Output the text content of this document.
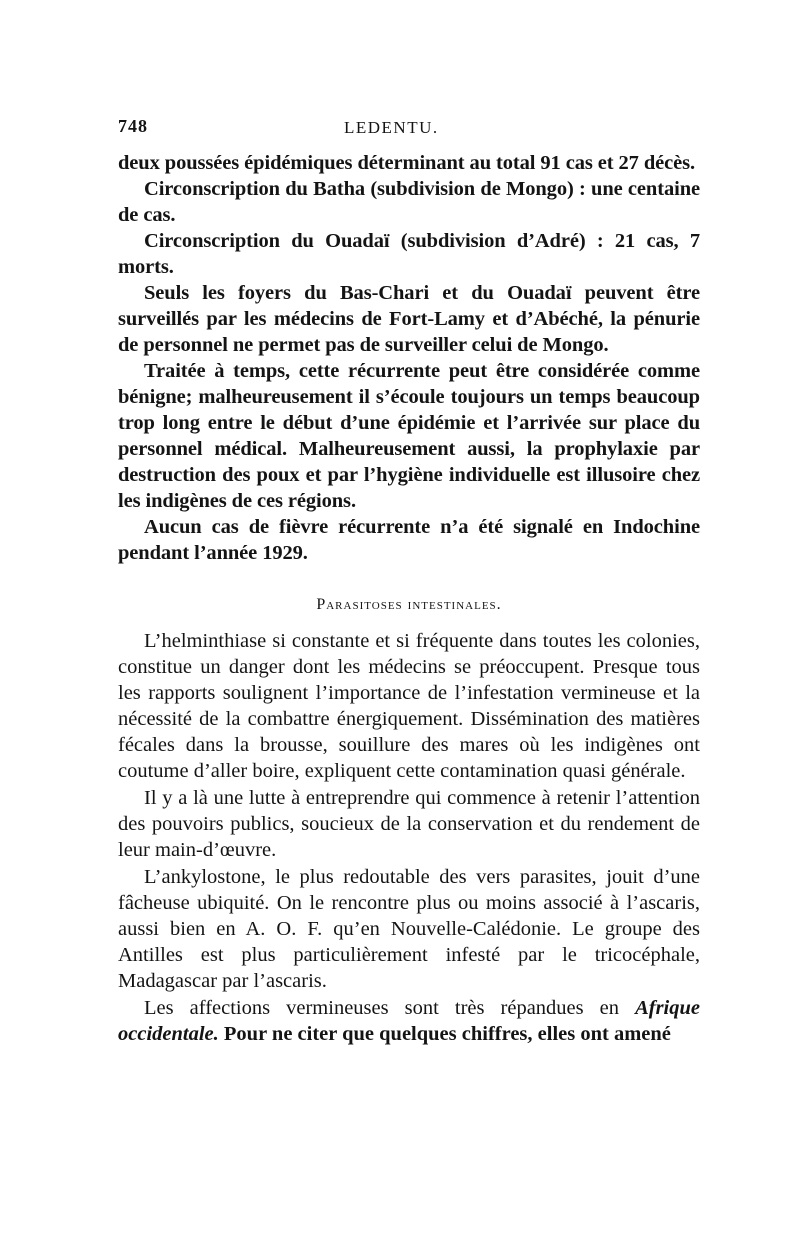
748	LEDENTU.

deux poussées épidémiques déterminant au total 91 cas et 27 décès.

Circonscription du Batha (subdivision de Mongo) : une centaine de cas.

Circonscription du Ouadaï (subdivision d’Adré) : 21 cas, 7 morts.

Seuls les foyers du Bas-Chari et du Ouadaï peuvent être surveillés par les médecins de Fort-Lamy et d’Abéché, la pénurie de personnel ne permet pas de surveiller celui de Mongo.

Traitée à temps, cette récurrente peut être considérée comme bénigne; malheureusement il s’écoule toujours un temps beaucoup trop long entre le début d’une épidémie et l’arrivée sur place du personnel médical. Malheureusement aussi, la prophylaxie par destruction des poux et par l’hygiène individuelle est illusoire chez les indigènes de ces régions.

Aucun cas de fièvre récurrente n’a été signalé en Indochine pendant l’année 1929.

Parasitoses intestinales.

L’helminthiase si constante et si fréquente dans toutes les colonies, constitue un danger dont les médecins se préoccupent. Presque tous les rapports soulignent l’importance de l’infestation vermineuse et la nécessité de la combattre énergiquement. Dissémination des matières fécales dans la brousse, souillure des mares où les indigènes ont coutume d’aller boire, expliquent cette contamination quasi générale.

Il y a là une lutte à entreprendre qui commence à retenir l’attention des pouvoirs publics, soucieux de la conservation et du rendement de leur main-d’œuvre.

L’ankylostone, le plus redoutable des vers parasites, jouit d’une fâcheuse ubiquité. On le rencontre plus ou moins associé à l’ascaris, aussi bien en A. O. F. qu’en Nouvelle-Calédonie. Le groupe des Antilles est plus particulièrement infesté par le tricocéphale, Madagascar par l’ascaris.

Les affections vermineuses sont très répandues en Afrique occidentale. Pour ne citer que quelques chiffres, elles ont amené
